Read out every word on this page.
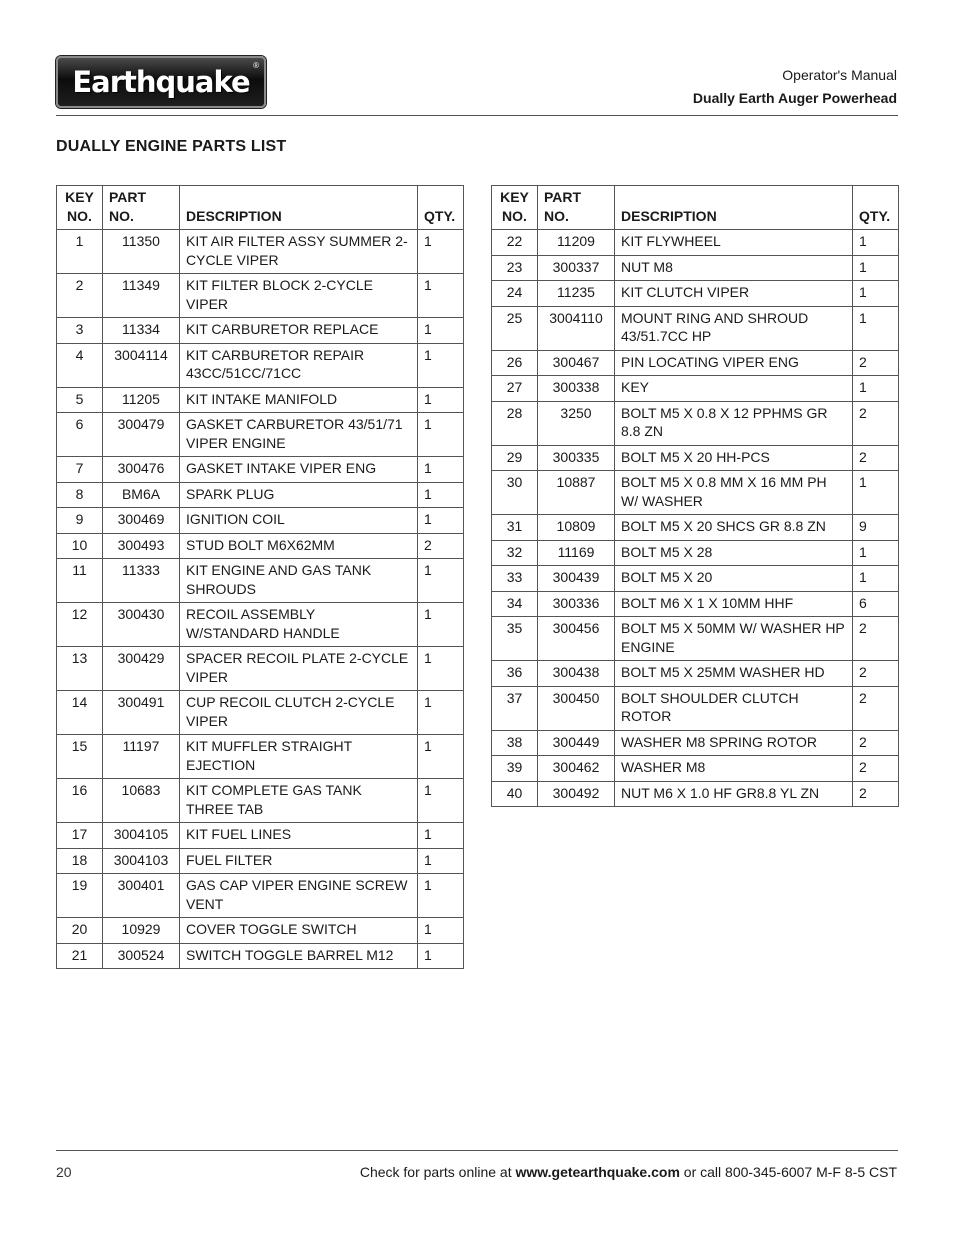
Earthquake ®
Operator's Manual
Dually Earth Auger Powerhead
DUALLY ENGINE PARTS LIST
KEY NO.	PART NO.	DESCRIPTION	QTY.
1	11350	KIT AIR FILTER ASSY SUMMER 2-CYCLE VIPER	1
2	11349	KIT FILTER BLOCK 2-CYCLE VIPER	1
3	11334	KIT CARBURETOR REPLACE	1
4	3004114	KIT CARBURETOR REPAIR 43CC/51CC/71CC	1
5	11205	KIT INTAKE MANIFOLD	1
6	300479	GASKET CARBURETOR 43/51/71 VIPER ENGINE	1
7	300476	GASKET INTAKE VIPER ENG	1
8	BM6A	SPARK PLUG	1
9	300469	IGNITION COIL	1
10	300493	STUD BOLT M6X62MM	2
11	11333	KIT ENGINE AND GAS TANK SHROUDS	1
12	300430	RECOIL ASSEMBLY W/STANDARD HANDLE	1
13	300429	SPACER RECOIL PLATE 2-CYCLE VIPER	1
14	300491	CUP RECOIL CLUTCH 2-CYCLE VIPER	1
15	11197	KIT MUFFLER STRAIGHT EJECTION	1
16	10683	KIT COMPLETE GAS TANK THREE TAB	1
17	3004105	KIT FUEL LINES	1
18	3004103	FUEL FILTER	1
19	300401	GAS CAP VIPER ENGINE SCREW VENT	1
20	10929	COVER TOGGLE SWITCH	1
21	300524	SWITCH TOGGLE BARREL M12	1
KEY NO.	PART NO.	DESCRIPTION	QTY.
22	11209	KIT FLYWHEEL	1
23	300337	NUT M8	1
24	11235	KIT CLUTCH VIPER	1
25	3004110	MOUNT RING AND SHROUD 43/51.7CC HP	1
26	300467	PIN LOCATING VIPER ENG	2
27	300338	KEY	1
28	3250	BOLT M5 X 0.8 X 12 PPHMS GR 8.8 ZN	2
29	300335	BOLT M5 X 20 HH-PCS	2
30	10887	BOLT M5 X 0.8 MM X 16 MM PH W/ WASHER	1
31	10809	BOLT M5 X 20 SHCS GR 8.8 ZN	9
32	11169	BOLT M5 X 28	1
33	300439	BOLT M5 X 20	1
34	300336	BOLT M6 X 1 X 10MM HHF	6
35	300456	BOLT M5 X 50MM W/ WASHER HP ENGINE	2
36	300438	BOLT M5 X 25MM WASHER HD	2
37	300450	BOLT SHOULDER CLUTCH ROTOR	2
38	300449	WASHER M8 SPRING ROTOR	2
39	300462	WASHER M8	2
40	300492	NUT M6 X 1.0 HF GR8.8 YL ZN	2
20	Check for parts online at www.getearthquake.com or call 800-345-6007 M-F 8-5 CST
